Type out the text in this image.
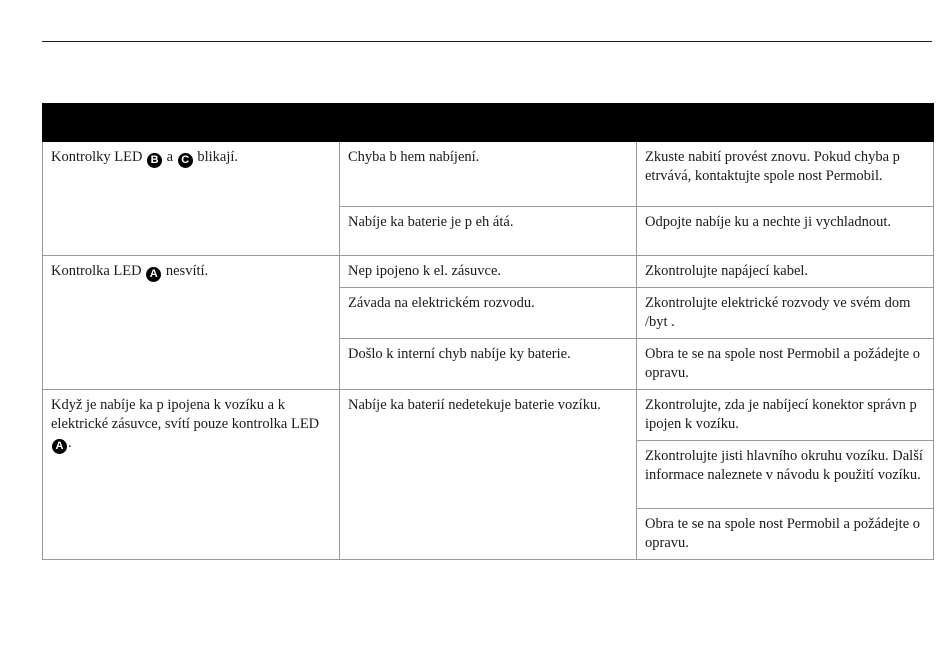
Kontrolky LED B a C blikají.	Chyba b hem nabíjení.	Zkuste nabití provést znovu. Pokud chyba p etrvává, kontaktujte spole nost Permobil.
	Nabíje ka baterie je p eh átá.	Odpojte nabíje ku a nechte ji vychladnout.
Kontrolka LED A nesvítí.	Nep ipojeno k el. zásuvce.	Zkontrolujte napájecí kabel.
	Závada na elektrickém rozvodu.	Zkontrolujte elektrické rozvody ve svém dom /byt .
	Došlo k interní chyb nabíje ky baterie.	Obra te se na spole nost Permobil a požádejte o opravu.
Když je nabíje ka p ipojena k vozíku a k elektrické zásuvce, svítí pouze kontrolka LED A .	Nabíje ka baterií nedetekuje baterie vozíku.	Zkontrolujte, zda je nabíjecí konektor správn p ipojen k vozíku.
		Zkontrolujte jisti hlavního okruhu vozíku. Další informace naleznete v návodu k použití vozíku.
		Obra te se na spole nost Permobil a požádejte o opravu.
